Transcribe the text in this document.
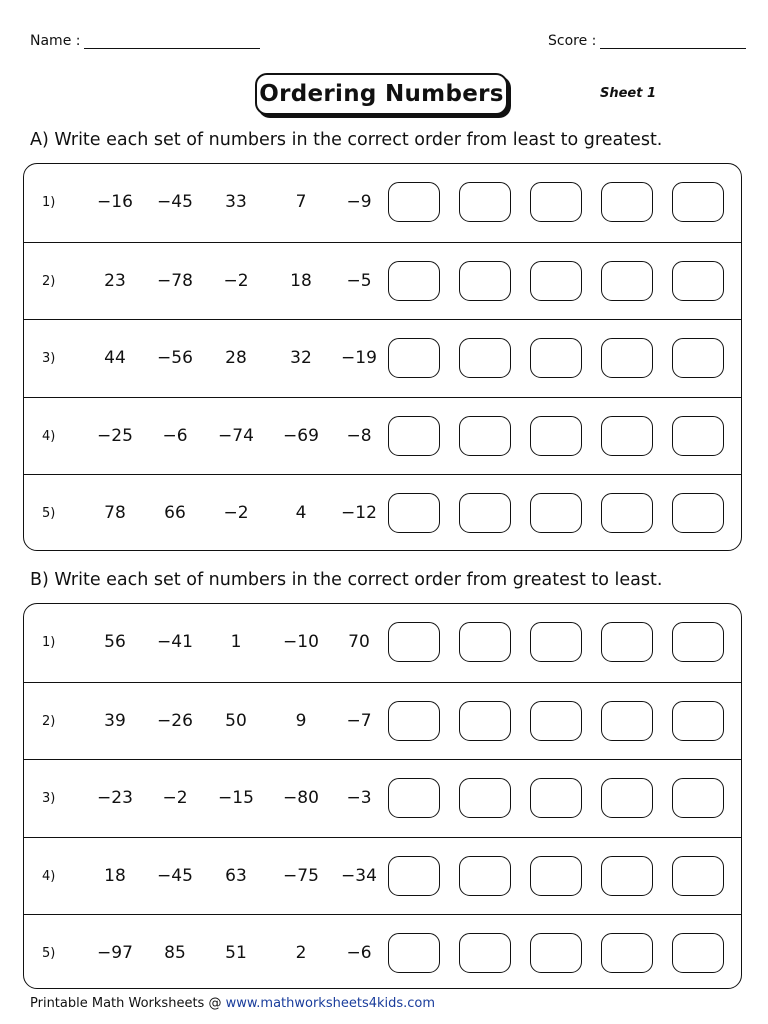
Name :	Score :
Ordering Numbers	Sheet 1
A) Write each set of numbers in the correct order from least to greatest.
1)	−16	−45	33	7	−9
2)	23	−78	−2	18	−5
3)	44	−56	28	32	−19
4)	−25	−6	−74	−69	−8
5)	78	66	−2	4	−12
B) Write each set of numbers in the correct order from greatest to least.
1)	56	−41	1	−10	70
2)	39	−26	50	9	−7
3)	−23	−2	−15	−80	−3
4)	18	−45	63	−75	−34
5)	−97	85	51	2	−6
Printable Math Worksheets @ www.mathworksheets4kids.com
